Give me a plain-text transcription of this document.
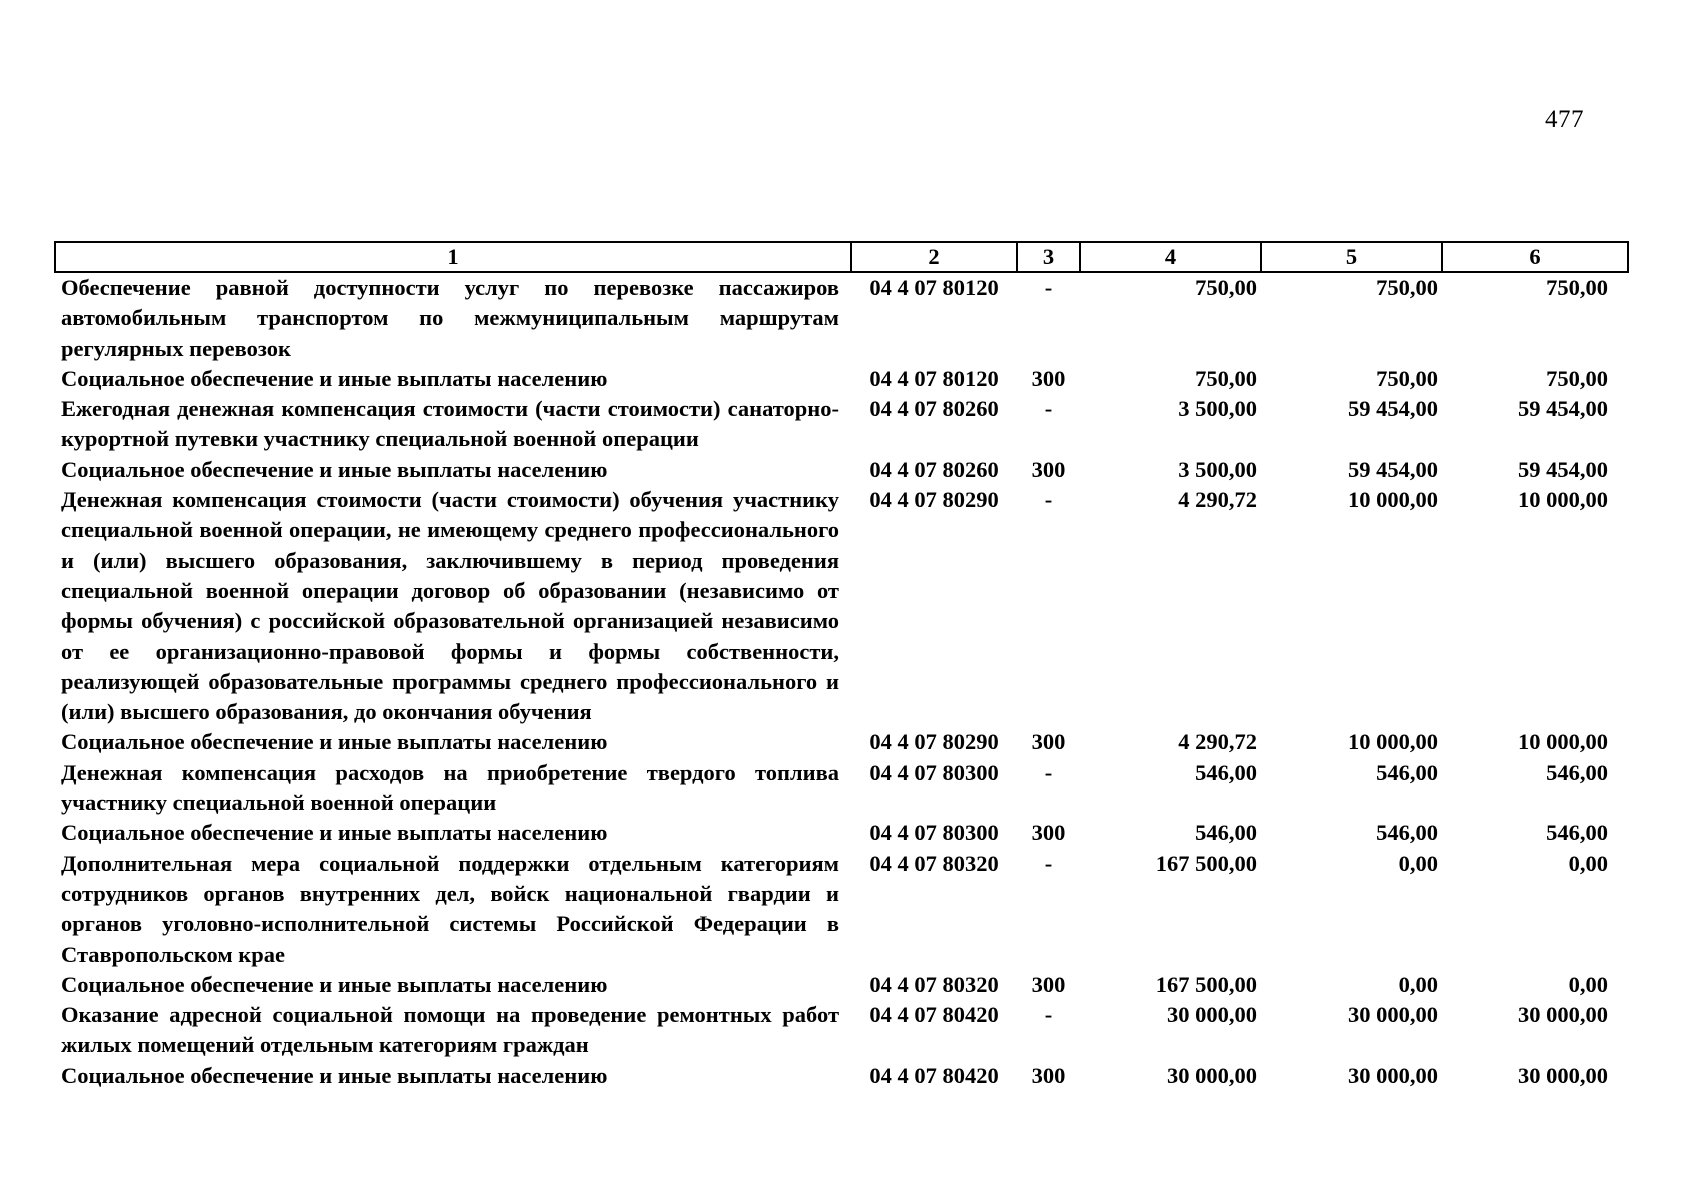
477
1	2	3	4	5	6
Обеспечение равной доступности услуг по перевозке пассажиров автомобильным транспортом по межмуниципальным маршрутам регулярных перевозок	04 4 07 80120	-	750,00	750,00	750,00
Социальное обеспечение и иные выплаты населению	04 4 07 80120	300	750,00	750,00	750,00
Ежегодная денежная компенсация стоимости (части стоимости) санаторно-курортной путевки участнику специальной военной операции	04 4 07 80260	-	3 500,00	59 454,00	59 454,00
Социальное обеспечение и иные выплаты населению	04 4 07 80260	300	3 500,00	59 454,00	59 454,00
Денежная компенсация стоимости (части стоимости) обучения участнику специальной военной операции, не имеющему среднего профессионального и (или) высшего образования, заключившему в период проведения специальной военной операции договор об образовании (независимо от формы обучения) с российской образовательной организацией независимо от ее организационно-правовой формы и формы собственности, реализующей образовательные программы среднего профессионального и (или) высшего образования, до окончания обучения	04 4 07 80290	-	4 290,72	10 000,00	10 000,00
Социальное обеспечение и иные выплаты населению	04 4 07 80290	300	4 290,72	10 000,00	10 000,00
Денежная компенсация расходов на приобретение твердого топлива участнику специальной военной операции	04 4 07 80300	-	546,00	546,00	546,00
Социальное обеспечение и иные выплаты населению	04 4 07 80300	300	546,00	546,00	546,00
Дополнительная мера социальной поддержки отдельным категориям сотрудников органов внутренних дел, войск национальной гвардии и органов уголовно-исполнительной системы Российской Федерации в Ставропольском крае	04 4 07 80320	-	167 500,00	0,00	0,00
Социальное обеспечение и иные выплаты населению	04 4 07 80320	300	167 500,00	0,00	0,00
Оказание адресной социальной помощи на проведение ремонтных работ жилых помещений отдельным категориям граждан	04 4 07 80420	-	30 000,00	30 000,00	30 000,00
Социальное обеспечение и иные выплаты населению	04 4 07 80420	300	30 000,00	30 000,00	30 000,00
